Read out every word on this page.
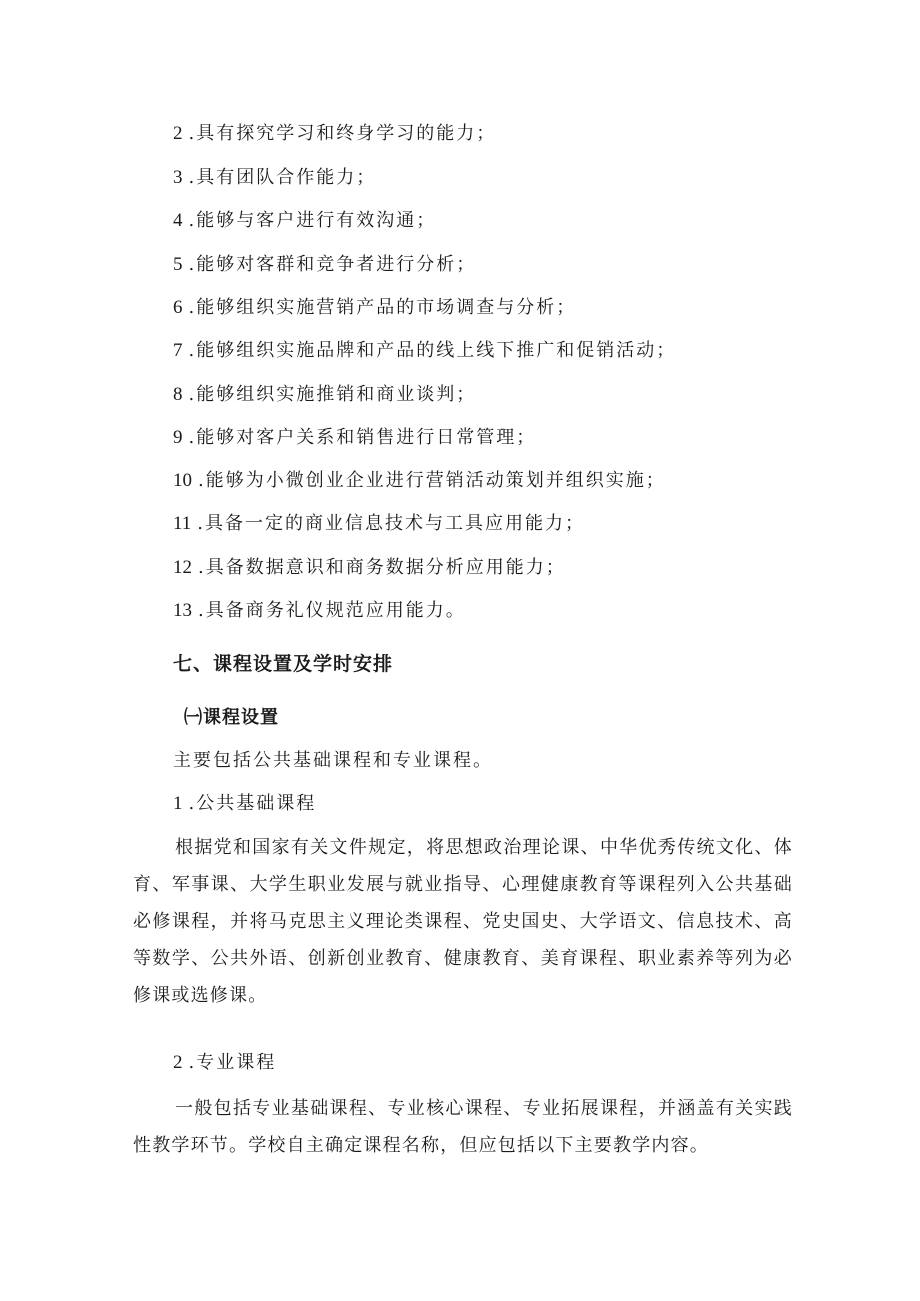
2 .具有探究学习和终身学习的能力；
3 .具有团队合作能力；
4 .能够与客户进行有效沟通；
5 .能够对客群和竞争者进行分析；
6 .能够组织实施营销产品的市场调查与分析；
7 .能够组织实施品牌和产品的线上线下推广和促销活动；
8 .能够组织实施推销和商业谈判；
9 .能够对客户关系和销售进行日常管理；
10 .能够为小微创业企业进行营销活动策划并组织实施；
11 .具备一定的商业信息技术与工具应用能力；
12 .具备数据意识和商务数据分析应用能力；
13 .具备商务礼仪规范应用能力。
七、课程设置及学时安排
㈠课程设置
主要包括公共基础课程和专业课程。
1 .公共基础课程
根据党和国家有关文件规定，将思想政治理论课、中华优秀传统文化、体育、军事课、大学生职业发展与就业指导、心理健康教育等课程列入公共基础必修课程，并将马克思主义理论类课程、党史国史、大学语文、信息技术、高等数学、公共外语、创新创业教育、健康教育、美育课程、职业素养等列为必修课或选修课。
2 .专业课程
一般包括专业基础课程、专业核心课程、专业拓展课程，并涵盖有关实践性教学环节。学校自主确定课程名称，但应包括以下主要教学内容。
